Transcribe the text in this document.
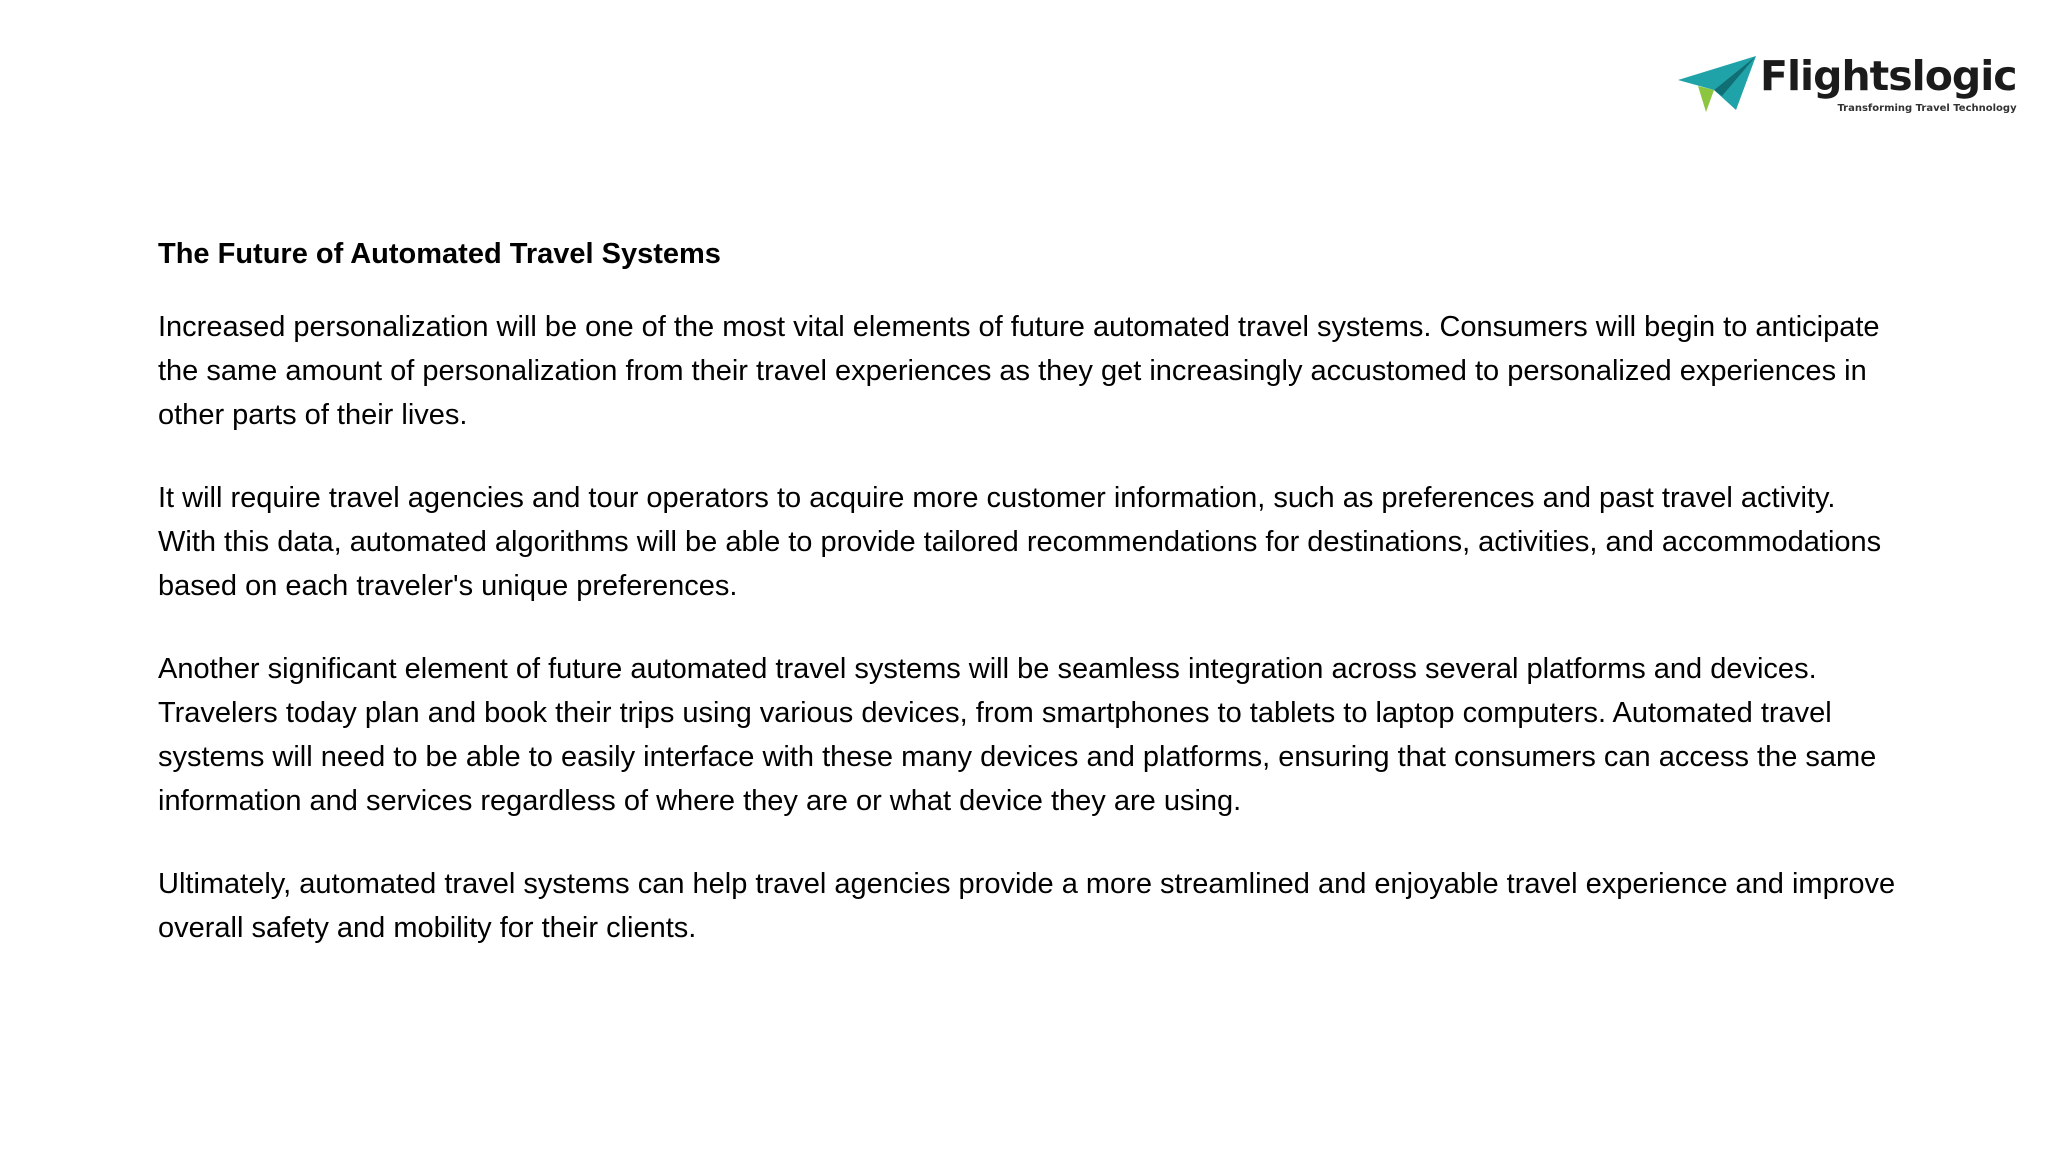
Flightslogic
Transforming Travel Technology
The Future of Automated Travel Systems

Increased personalization will be one of the most vital elements of future automated travel systems. Consumers will begin to anticipate the same amount of personalization from their travel experiences as they get increasingly accustomed to personalized experiences in other parts of their lives.

It will require travel agencies and tour operators to acquire more customer information, such as preferences and past travel activity. With this data, automated algorithms will be able to provide tailored recommendations for destinations, activities, and accommodations based on each traveler's unique preferences.

Another significant element of future automated travel systems will be seamless integration across several platforms and devices. Travelers today plan and book their trips using various devices, from smartphones to tablets to laptop computers. Automated travel systems will need to be able to easily interface with these many devices and platforms, ensuring that consumers can access the same information and services regardless of where they are or what device they are using.

Ultimately, automated travel systems can help travel agencies provide a more streamlined and enjoyable travel experience and improve overall safety and mobility for their clients.
